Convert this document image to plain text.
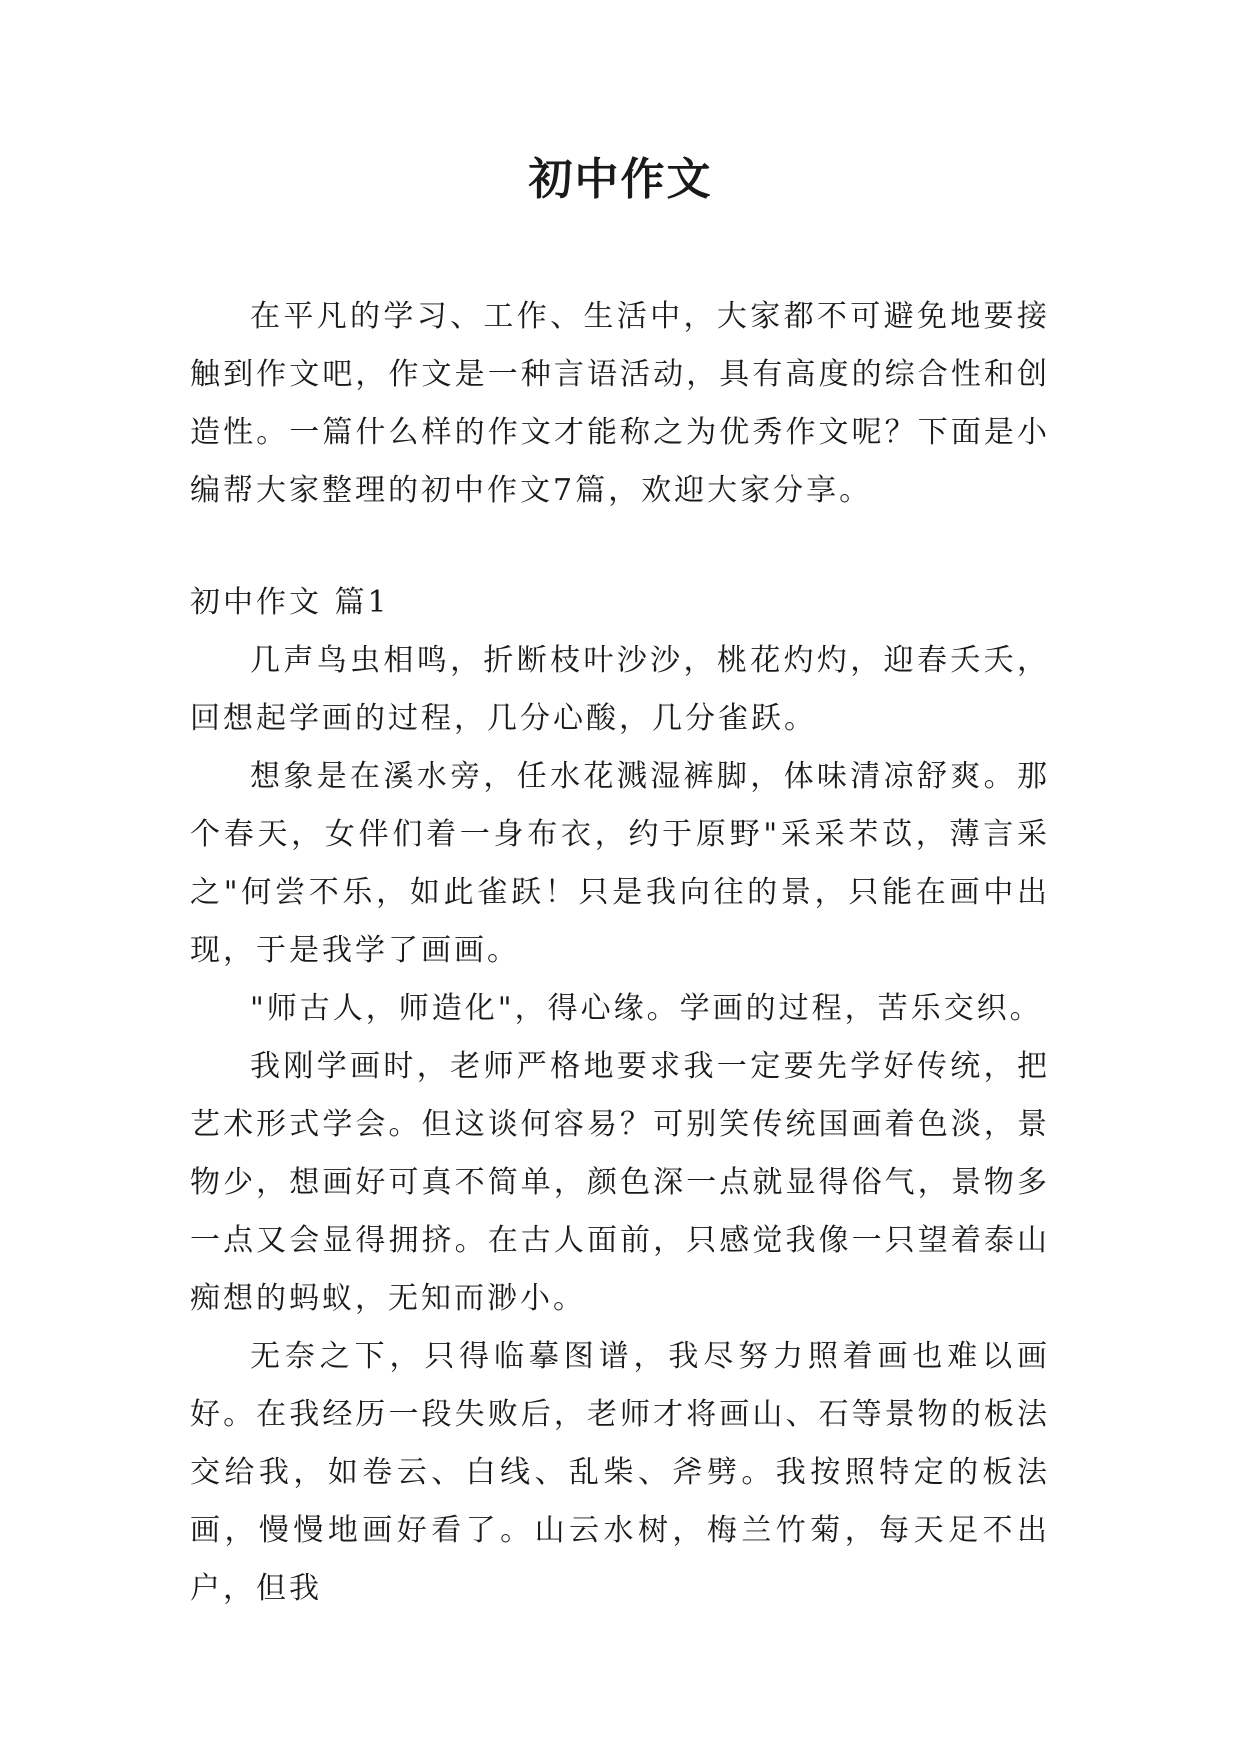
初中作文

在平凡的学习、工作、生活中，大家都不可避免地要接触到作文吧，作文是一种言语活动，具有高度的综合性和创造性。一篇什么样的作文才能称之为优秀作文呢？下面是小编帮大家整理的初中作文7篇，欢迎大家分享。

初中作文 篇1

几声鸟虫相鸣，折断枝叶沙沙，桃花灼灼，迎春夭夭，回想起学画的过程，几分心酸，几分雀跃。

想象是在溪水旁，任水花溅湿裤脚，体味清凉舒爽。那个春天，女伴们着一身布衣，约于原野"采采芣苡，薄言采之"何尝不乐，如此雀跃！只是我向往的景，只能在画中出现，于是我学了画画。

"师古人，师造化"，得心缘。学画的过程，苦乐交织。

我刚学画时，老师严格地要求我一定要先学好传统，把艺术形式学会。但这谈何容易？可别笑传统国画着色淡，景物少，想画好可真不简单，颜色深一点就显得俗气，景物多一点又会显得拥挤。在古人面前，只感觉我像一只望着泰山痴想的蚂蚁，无知而渺小。

无奈之下，只得临摹图谱，我尽努力照着画也难以画好。在我经历一段失败后，老师才将画山、石等景物的板法交给我，如卷云、白线、乱柴、斧劈。我按照特定的板法画，慢慢地画好看了。山云水树，梅兰竹菊，每天足不出户，但我
